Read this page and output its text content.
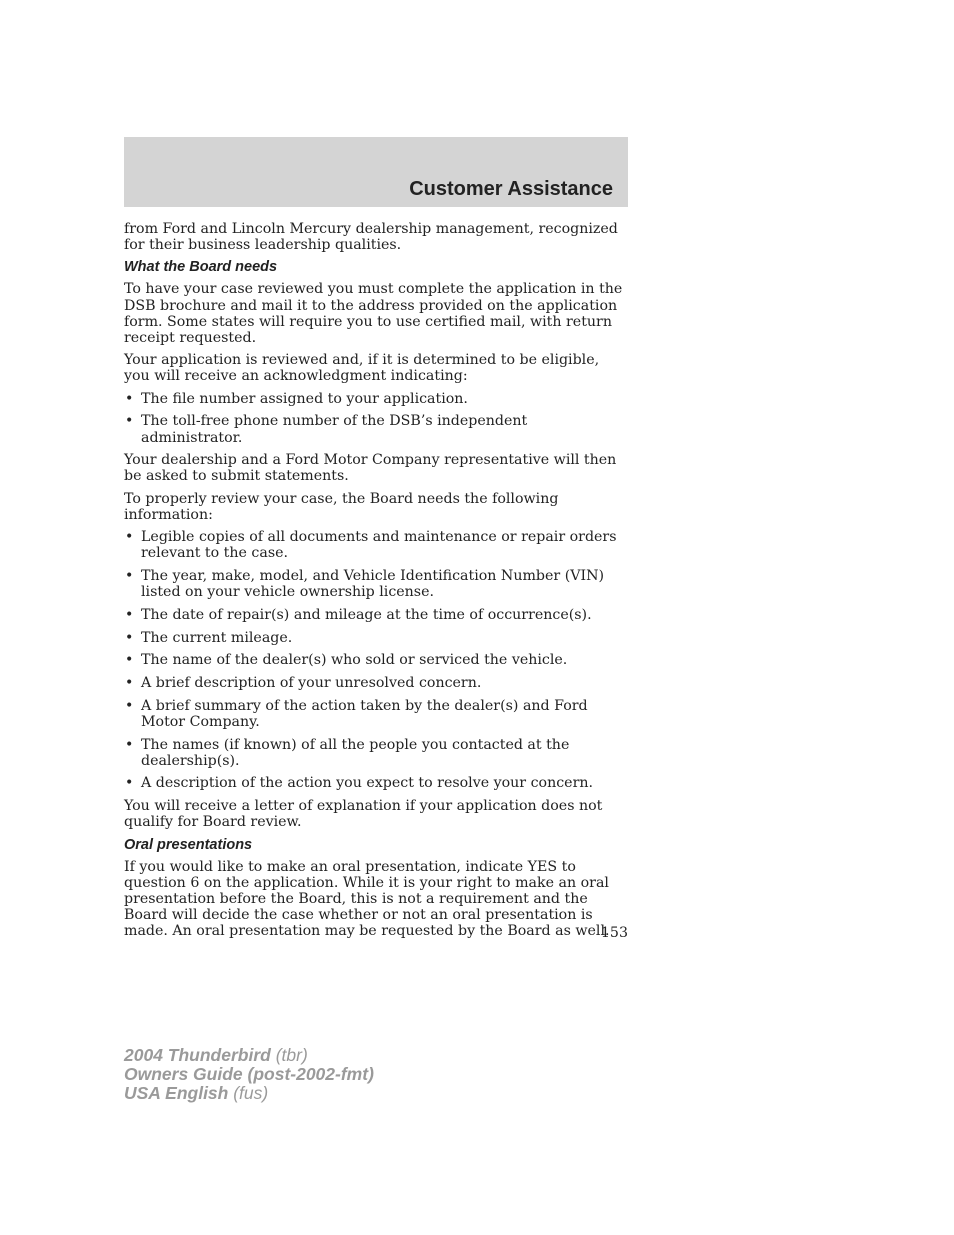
Customer Assistance

from Ford and Lincoln Mercury dealership management, recognized for their business leadership qualities.

What the Board needs

To have your case reviewed you must complete the application in the DSB brochure and mail it to the address provided on the application form. Some states will require you to use certified mail, with return receipt requested.

Your application is reviewed and, if it is determined to be eligible, you will receive an acknowledgment indicating:

• The file number assigned to your application.
• The toll-free phone number of the DSB’s independent administrator.

Your dealership and a Ford Motor Company representative will then be asked to submit statements.

To properly review your case, the Board needs the following information:

• Legible copies of all documents and maintenance or repair orders relevant to the case.
• The year, make, model, and Vehicle Identification Number (VIN) listed on your vehicle ownership license.
• The date of repair(s) and mileage at the time of occurrence(s).
• The current mileage.
• The name of the dealer(s) who sold or serviced the vehicle.
• A brief description of your unresolved concern.
• A brief summary of the action taken by the dealer(s) and Ford Motor Company.
• The names (if known) of all the people you contacted at the dealership(s).
• A description of the action you expect to resolve your concern.

You will receive a letter of explanation if your application does not qualify for Board review.

Oral presentations

If you would like to make an oral presentation, indicate YES to question 6 on the application. While it is your right to make an oral presentation before the Board, this is not a requirement and the Board will decide the case whether or not an oral presentation is made. An oral presentation may be requested by the Board as well.

153
2004 Thunderbird (tbr)
Owners Guide (post-2002-fmt)
USA English (fus)
